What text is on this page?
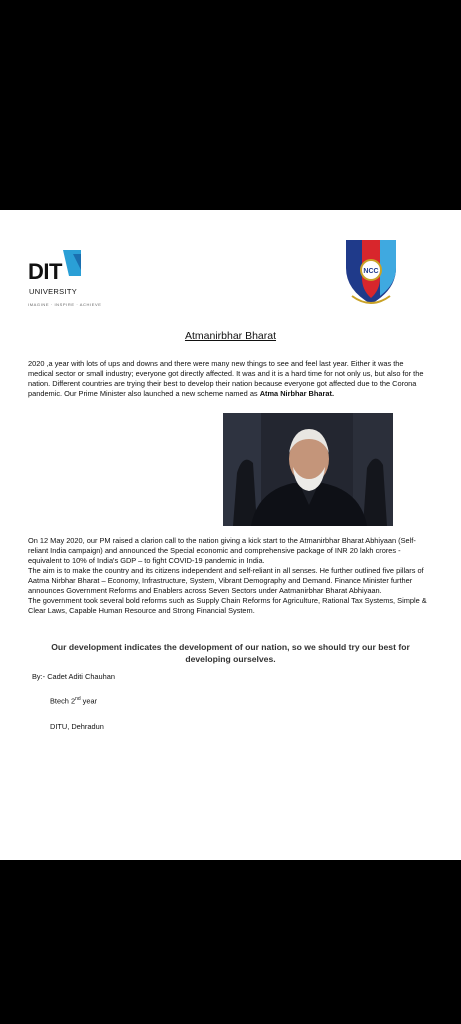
DIT
UNIVERSITY
IMAGINE · INSPIRE · ACHIEVE
NCC
Atmanirbhar Bharat
2020 ,a year with lots of ups and downs and there were many new things to see and feel last year. Either it was the medical sector or small industry; everyone got directly affected. It was and it is a hard time for not only us, but also for the nation. Different countries are trying their best to develop their nation because everyone got affected due to the Corona pandemic. Our Prime Minister also launched a new scheme named as Atma Nirbhar Bharat.
On 12 May 2020, our PM raised a clarion call to the nation giving a kick start to the Atmanirbhar Bharat Abhiyaan (Self-reliant India campaign) and announced the Special economic and comprehensive package of INR 20 lakh crores - equivalent to 10% of India's GDP – to fight COVID-19 pandemic in India.
The aim is to make the country and its citizens independent and self-reliant in all senses. He further outlined five pillars of Aatma Nirbhar Bharat – Economy, Infrastructure, System, Vibrant Demography and Demand. Finance Minister further announces Government Reforms and Enablers across Seven Sectors under Aatmanirbhar Bharat Abhiyaan.
The government took several bold reforms such as Supply Chain Reforms for Agriculture, Rational Tax Systems, Simple & Clear Laws, Capable Human Resource and Strong Financial System.
Our development indicates the development of our nation, so we should try our best for developing ourselves.
By:- Cadet Aditi Chauhan
Btech 2nd year
DITU, Dehradun
